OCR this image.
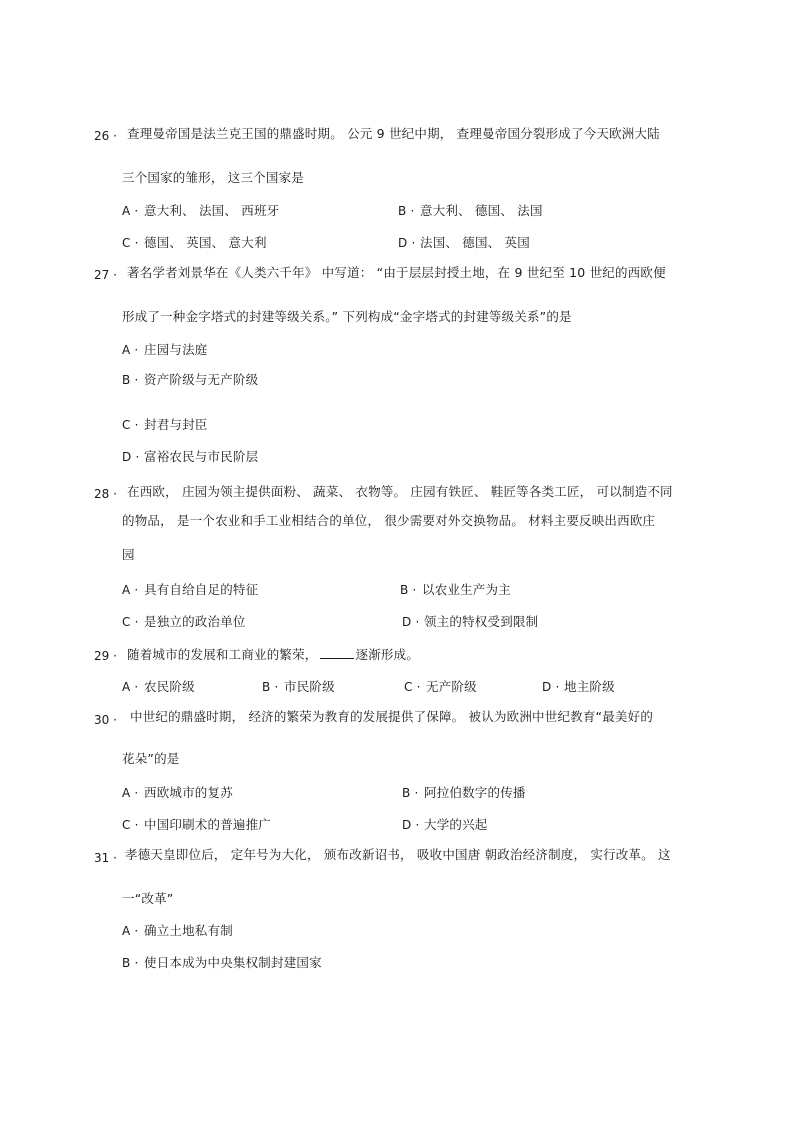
26 · 查理曼帝国是法兰克王国的鼎盛时期。 公元 9 世纪中期， 查理曼帝国分裂形成了今天欧洲大陆
三个国家的雏形， 这三个国家是
A · 意大利、 法国、 西班牙	B · 意大利、 德国、 法国
C · 德国、 英国、 意大利	D · 法国、 德国、 英国
27 · 著名学者刘景华在《人类六千年》 中写道： “由于层层封授土地，在 9 世纪至 10 世纪的西欧便
形成了一种金字塔式的封建等级关系。” 下列构成“金字塔式的封建等级关系”的是
A · 庄园与法庭
B · 资产阶级与无产阶级
C · 封君与封臣
D · 富裕农民与市民阶层
28 · 在西欧， 庄园为领主提供面粉、 蔬菜、 衣物等。 庄园有铁匠、 鞋匠等各类工匠， 可以制造不同
的物品， 是一个农业和手工业相结合的单位， 很少需要对外交换物品。 材料主要反映出西欧庄
园
A · 具有自给自足的特征	B · 以农业生产为主
C · 是独立的政治单位	D · 领主的特权受到限制
29 · 随着城市的发展和工商业的繁荣，	逐渐形成。
A · 农民阶级	B · 市民阶级	C · 无产阶级	D · 地主阶级
30 · 中世纪的鼎盛时期， 经济的繁荣为教育的发展提供了保障。 被认为欧洲中世纪教育“最美好的
花朵”的是
A · 西欧城市的复苏	B · 阿拉伯数字的传播
C · 中国印刷术的普遍推广	D · 大学的兴起
31 · 孝德天皇即位后， 定年号为大化， 颁布改新诏书， 吸收中国唐 朝政治经济制度， 实行改革。 这
一“改革”
A · 确立土地私有制
B · 使日本成为中央集权制封建国家
